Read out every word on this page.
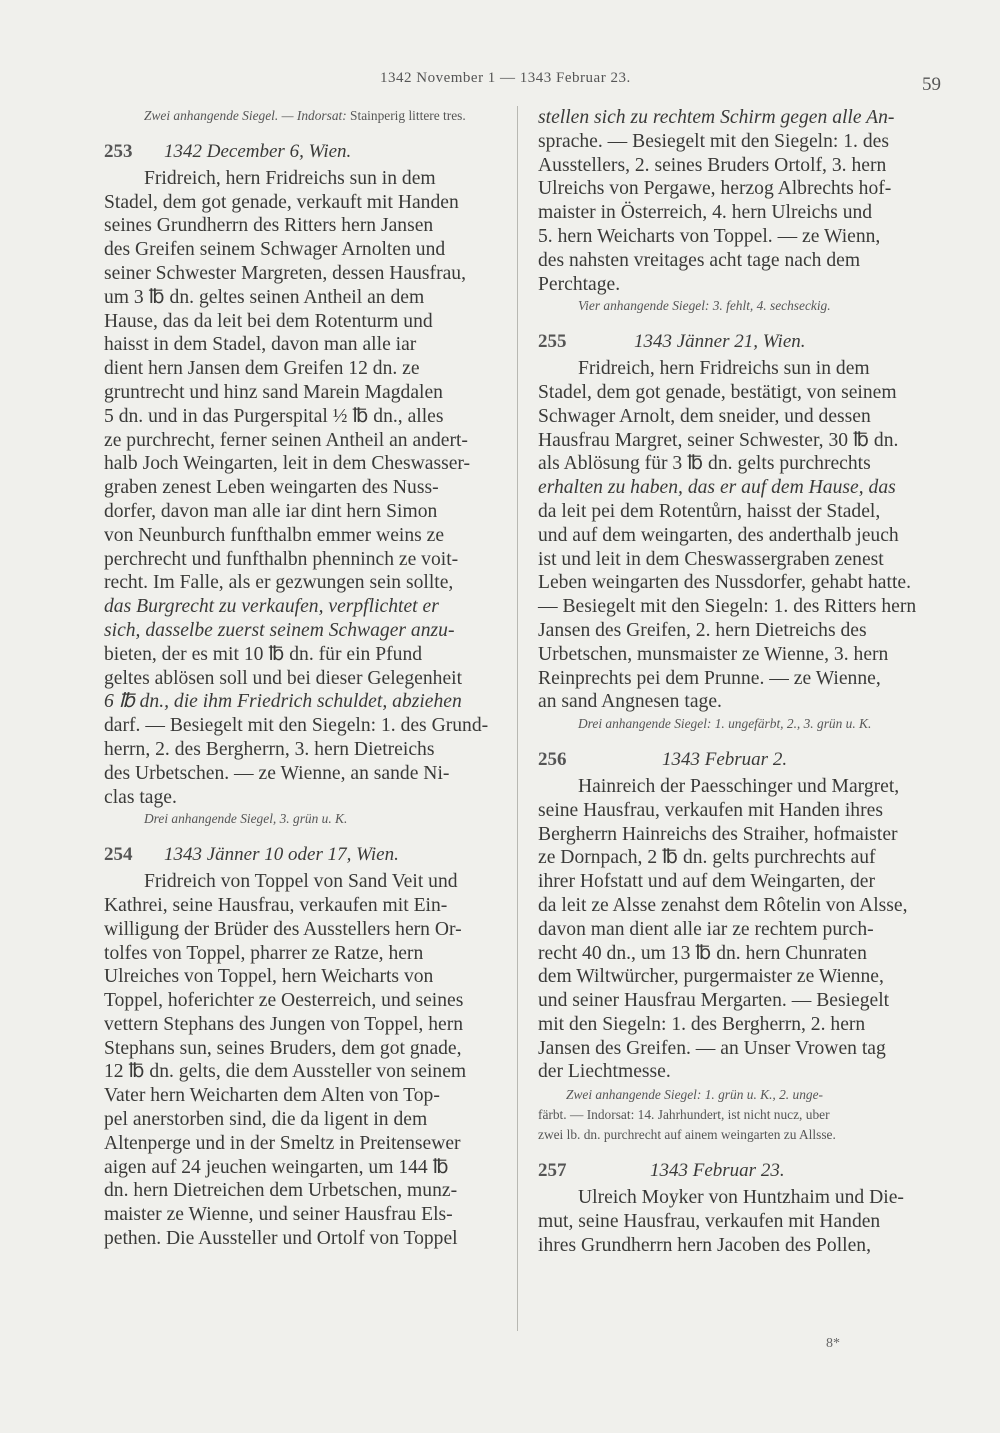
1342 November 1 — 1343 Februar 23.	59

Zwei anhangende Siegel. — Indorsat: Stainperig littere tres.

253	1342 December 6, Wien.

Fridreich, hern Fridreichs sun in dem

Stadel, dem got genade, verkauft mit Handen

seines Grundherrn des Ritters hern Jansen

des Greifen seinem Schwager Arnolten und

seiner Schwester Margreten, dessen Hausfrau,

um 3 ℔ dn. geltes seinen Antheil an dem

Hause, das da leit bei dem Rotenturm und

haisst in dem Stadel, davon man alle iar

dient hern Jansen dem Greifen 12 dn. ze

gruntrecht und hinz sand Marein Magdalen

5 dn. und in das Purgerspital ½ ℔ dn., alles

ze purchrecht, ferner seinen Antheil an andert-

halb Joch Weingarten, leit in dem Cheswasser-

graben zenest Leben weingarten des Nuss-

dorfer, davon man alle iar dint hern Simon

von Neunburch funfthalbn emmer weins ze

perchrecht und funfthalbn phenninch ze voit-

recht. Im Falle, als er gezwungen sein sollte,

das Burgrecht zu verkaufen, verpflichtet er

sich, dasselbe zuerst seinem Schwager anzu-

bieten, der es mit 10 ℔ dn. für ein Pfund

geltes ablösen soll und bei dieser Gelegenheit

6 ℔ dn., die ihm Friedrich schuldet, abziehen

darf. — Besiegelt mit den Siegeln: 1. des Grund-

herrn, 2. des Bergherrn, 3. hern Dietreichs

des Urbetschen. — ze Wienne, an sande Ni-

clas tage.

Drei anhangende Siegel, 3. grün u. K.

254	1343 Jänner 10 oder 17, Wien.

Fridreich von Toppel von Sand Veit und

Kathrei, seine Hausfrau, verkaufen mit Ein-

willigung der Brüder des Ausstellers hern Or-

tolfes von Toppel, pharrer ze Ratze, hern

Ulreiches von Toppel, hern Weicharts von

Toppel, hoferichter ze Oesterreich, und seines

vettern Stephans des Jungen von Toppel, hern

Stephans sun, seines Bruders, dem got gnade,

12 ℔ dn. gelts, die dem Aussteller von seinem

Vater hern Weicharten dem Alten von Top-

pel anerstorben sind, die da ligent in dem

Altenperge und in der Smeltz in Preitensewer

aigen auf 24 jeuchen weingarten, um 144 ℔

dn. hern Dietreichen dem Urbetschen, munz-

maister ze Wienne, und seiner Hausfrau Els-

pethen. Die Aussteller und Ortolf von Toppel

stellen sich zu rechtem Schirm gegen alle An-

sprache. — Besiegelt mit den Siegeln: 1. des

Ausstellers, 2. seines Bruders Ortolf, 3. hern

Ulreichs von Pergawe, herzog Albrechts hof-

maister in Österreich, 4. hern Ulreichs und

5. hern Weicharts von Toppel. — ze Wienn,

des nahsten vreitages acht tage nach dem

Perchtage.

Vier anhangende Siegel: 3. fehlt, 4. sechseckig.

255	1343 Jänner 21, Wien.

Fridreich, hern Fridreichs sun in dem

Stadel, dem got genade, bestätigt, von seinem

Schwager Arnolt, dem sneider, und dessen

Hausfrau Margret, seiner Schwester, 30 ℔ dn.

als Ablösung für 3 ℔ dn. gelts purchrechts

erhalten zu haben, das er auf dem Hause, das

da leit pei dem Rotentůrn, haisst der Stadel,

und auf dem weingarten, des anderthalb jeuch

ist und leit in dem Cheswassergraben zenest

Leben weingarten des Nussdorfer, gehabt hatte.

— Besiegelt mit den Siegeln: 1. des Ritters hern

Jansen des Greifen, 2. hern Dietreichs des

Urbetschen, munsmaister ze Wienne, 3. hern

Reinprechts pei dem Prunne. — ze Wienne,

an sand Angnesen tage.

Drei anhangende Siegel: 1. ungefärbt, 2., 3. grün u. K.

256	1343 Februar 2.

Hainreich der Paesschinger und Margret,

seine Hausfrau, verkaufen mit Handen ihres

Bergherrn Hainreichs des Straiher, hofmaister

ze Dornpach, 2 ℔ dn. gelts purchrechts auf

ihrer Hofstatt und auf dem Weingarten, der

da leit ze Alsse zenahst dem Rôtelin von Alsse,

davon man dient alle iar ze rechtem purch-

recht 40 dn., um 13 ℔ dn. hern Chunraten

dem Wiltwürcher, purgermaister ze Wienne,

und seiner Hausfrau Mergarten. — Besiegelt

mit den Siegeln: 1. des Bergherrn, 2. hern

Jansen des Greifen. — an Unser Vrowen tag

der Liechtmesse.

Zwei anhangende Siegel: 1. grün u. K., 2. unge-

färbt. — Indorsat: 14. Jahrhundert, ist nicht nucz, uber

zwei lb. dn. purchrecht auf ainem weingarten zu Allsse.

257	1343 Februar 23.

Ulreich Moyker von Huntzhaim und Die-

mut, seine Hausfrau, verkaufen mit Handen

ihres Grundherrn hern Jacoben des Pollen,

8*
